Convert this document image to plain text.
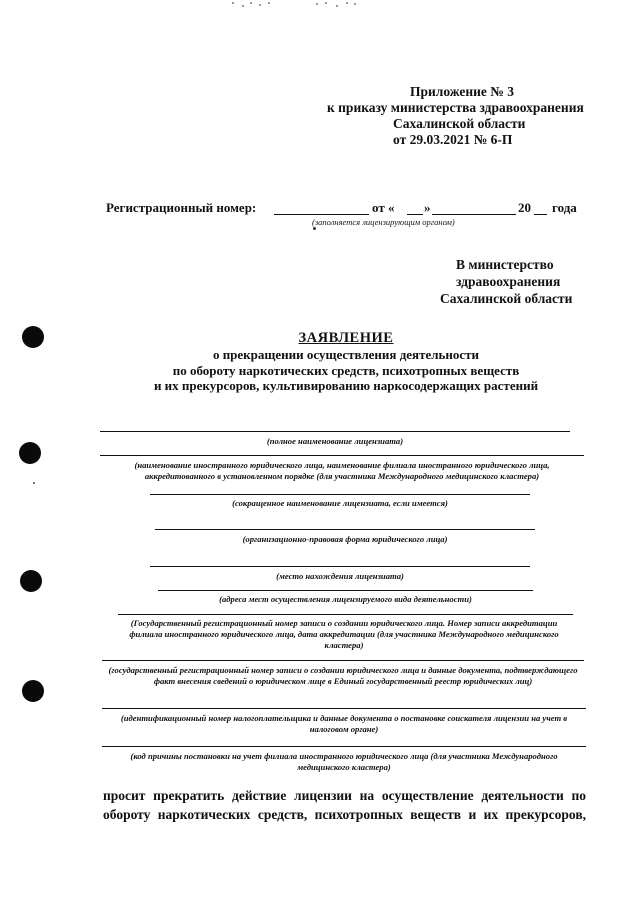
Приложение № 3
к приказу министерства здравоохранения
Сахалинской области
от 29.03.2021 № 6-П
Регистрационный номер:	от « »	20 года
(заполняется лицензирующим органом)
В министерство
здравоохранения
Сахалинской области
ЗАЯВЛЕНИЕ
о прекращении осуществления деятельности
по обороту наркотических средств, психотропных веществ
и их прекурсоров, культивированию наркосодержащих растений
(полное наименование лицензиата)
(наименование иностранного юридического лица, наименование филиала иностранного юридического лица, аккредитованного в установленном порядке (для участника Международного медицинского кластера)
(сокращенное наименование лицензиата, если имеется)
(организационно-правовая форма юридического лица)
(место нахождения лицензиата)
(адреса мест осуществления лицензируемого вида деятельности)
(Государственный регистрационный номер записи о создании юридического лица. Номер записи аккредитации филиала иностранного юридического лица, дата аккредитации (для участника Международного медицинского кластера)
(государственный регистрационный номер записи о создании юридического лица и данные документа, подтверждающего факт внесения сведений о юридическом лице в Единый государственный реестр юридических лиц)
(идентификационный номер налогоплательщика и данные документа о постановке соискателя лицензии на учет в налоговом органе)
(код причины постановки на учет филиала иностранного юридического лица (для участника Международного медицинского кластера)

просит прекратить действие лицензии на осуществление деятельности по

обороту наркотических средств, психотропных веществ и их прекурсоров,
